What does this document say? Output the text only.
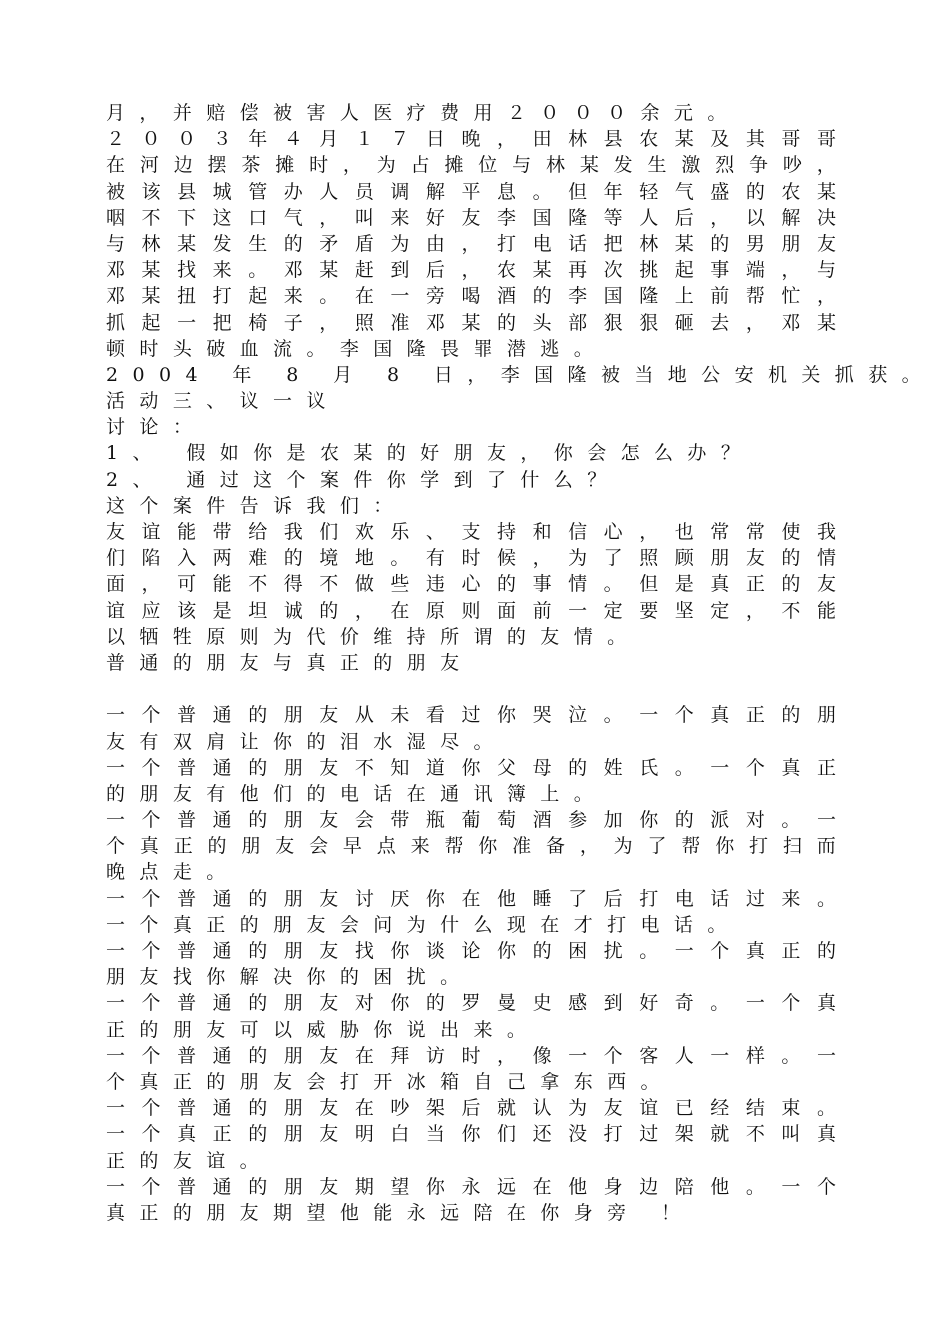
月 ， 并 赔 偿 被 害 人 医 疗 费 用 ２ ０ ０ ０ 余 元 。
２ ０ ０ ３ 年 ４ 月 １ ７ 日 晚 ， 田 林 县 农 某 及 其 哥 哥
在 河 边 摆 茶 摊 时 ， 为 占 摊 位 与 林 某 发 生 激 烈 争 吵 ，
被 该 县 城 管 办 人 员 调 解 平 息 。 但 年 轻 气 盛 的 农 某
咽 不 下 这 口 气 ， 叫 来 好 友 李 国 隆 等 人 后 ， 以 解 决
与 林 某 发 生 的 矛 盾 为 由 ， 打 电 话 把 林 某 的 男 朋 友
邓 某 找 来 。 邓 某 赶 到 后 ， 农 某 再 次 挑 起 事 端 ， 与
邓 某 扭 打 起 来 。 在 一 旁 喝 酒 的 李 国 隆 上 前 帮 忙 ，
抓 起 一 把 椅 子 ， 照 准 邓 某 的 头 部 狠 狠 砸 去 ， 邓 某
顿 时 头 破 血 流 。 李 国 隆 畏 罪 潜 逃 。
2 0 0 4
年
8
月
8
日 ， 李 国 隆 被 当 地 公 安 机 关 抓 获 。
活 动 三 、 议 一 议
讨 论 ：
1 、
假 如 你 是 农 某 的 好 朋 友 ， 你 会 怎 么 办 ？
2 、
通 过 这 个 案 件 你 学 到 了 什 么 ？
这 个 案 件 告 诉 我 们 ：
友 谊 能 带 给 我 们 欢 乐 、 支 持 和 信 心 ， 也 常 常 使 我
们 陷 入 两 难 的 境 地 。 有 时 候 ， 为 了 照 顾 朋 友 的 情
面 ， 可 能 不 得 不 做 些 违 心 的 事 情 。 但 是 真 正 的 友
谊 应 该 是 坦 诚 的 ， 在 原 则 面 前 一 定 要 坚 定 ， 不 能
以 牺 牲 原 则 为 代 价 维 持 所 谓 的 友 情 。
普 通 的 朋 友 与 真 正 的 朋 友
一 个 普 通 的 朋 友 从 未 看 过 你 哭 泣 。 一 个 真 正 的 朋
友 有 双 肩 让 你 的 泪 水 湿 尽 。
一 个 普 通 的 朋 友 不 知 道 你 父 母 的 姓 氏 。 一 个 真 正
的 朋 友 有 他 们 的 电 话 在 通 讯 簿 上 。
一 个 普 通 的 朋 友 会 带 瓶 葡 萄 酒 参 加 你 的 派 对 。 一
个 真 正 的 朋 友 会 早 点 来 帮 你 准 备 ， 为 了 帮 你 打 扫 而
晚 点 走 。
一 个 普 通 的 朋 友 讨 厌 你 在 他 睡 了 后 打 电 话 过 来 。
一 个 真 正 的 朋 友 会 问 为 什 么 现 在 才 打 电 话 。
一 个 普 通 的 朋 友 找 你 谈 论 你 的 困 扰 。 一 个 真 正 的
朋 友 找 你 解 决 你 的 困 扰 。
一 个 普 通 的 朋 友 对 你 的 罗 曼 史 感 到 好 奇 。 一 个 真
正 的 朋 友 可 以 威 胁 你 说 出 来 。
一 个 普 通 的 朋 友 在 拜 访 时 ， 像 一 个 客 人 一 样 。 一
个 真 正 的 朋 友 会 打 开 冰 箱 自 己 拿 东 西 。
一 个 普 通 的 朋 友 在 吵 架 后 就 认 为 友 谊 已 经 结 束 。
一 个 真 正 的 朋 友 明 白 当 你 们 还 没 打 过 架 就 不 叫 真
正 的 友 谊 。
一 个 普 通 的 朋 友 期 望 你 永 远 在 他 身 边 陪 他 。 一 个
真 正 的 朋 友 期 望 他 能 永 远 陪 在 你 身 旁
！
